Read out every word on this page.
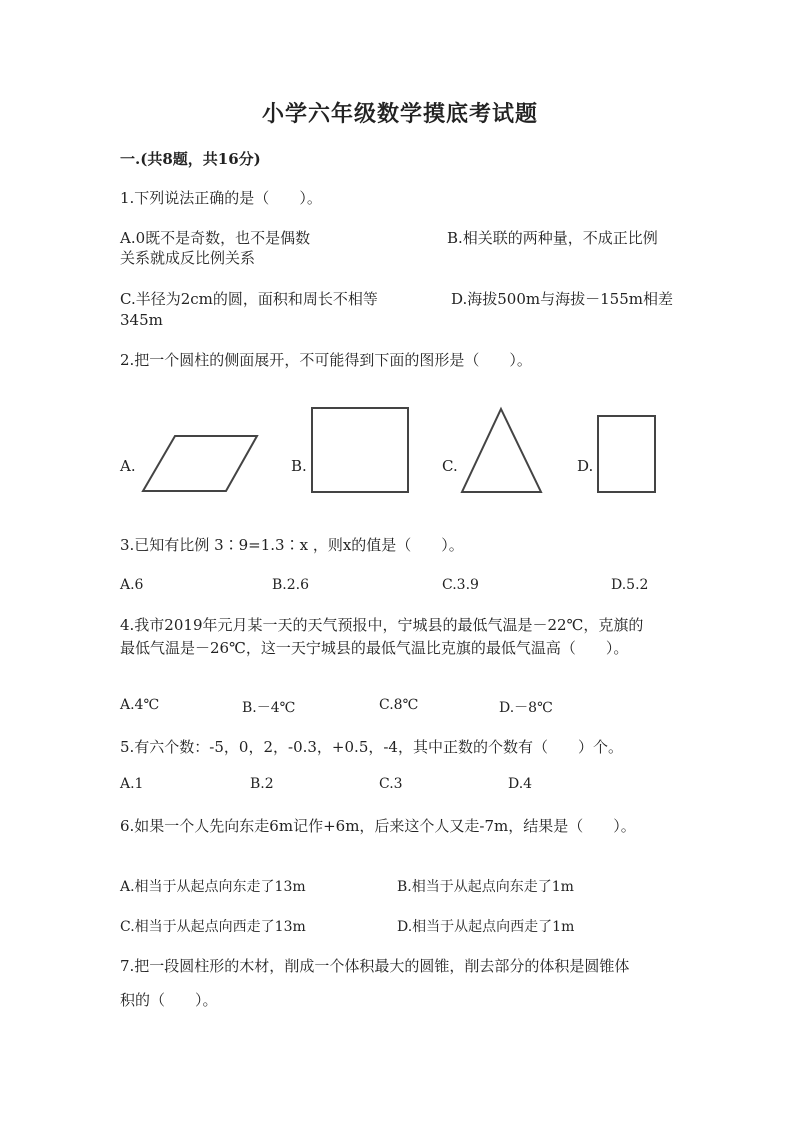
小学六年级数学摸底考试题
一.(共8题，共16分)
1.下列说法正确的是（　　）。
A.0既不是奇数，也不是偶数	B.相关联的两种量，不成正比例
关系就成反比例关系
C.半径为2cm的圆，面积和周长不相等	D.海拔500m与海拔－155m相差
345m
2.把一个圆柱的侧面展开，不可能得到下面的图形是（　　）。
A.	B.	C.	D.
3.已知有比例 3∶9=1.3∶x ，则x的值是（　　）。
A.6	B.2.6	C.3.9	D.5.2
4.我市2019年元月某一天的天气预报中，宁城县的最低气温是－22℃，克旗的
最低气温是－26℃，这一天宁城县的最低气温比克旗的最低气温高（　　）。
A.4℃	B.－4℃	C.8℃	D.－8℃
5.有六个数：-5，0，2，-0.3，+0.5，-4，其中正数的个数有（　　）个。
A.1	B.2	C.3	D.4
6.如果一个人先向东走6m记作+6m，后来这个人又走-7m，结果是（　　）。
A.相当于从起点向东走了13m	B.相当于从起点向东走了1m
C.相当于从起点向西走了13m	D.相当于从起点向西走了1m
7.把一段圆柱形的木材，削成一个体积最大的圆锥，削去部分的体积是圆锥体
积的（　　）。
